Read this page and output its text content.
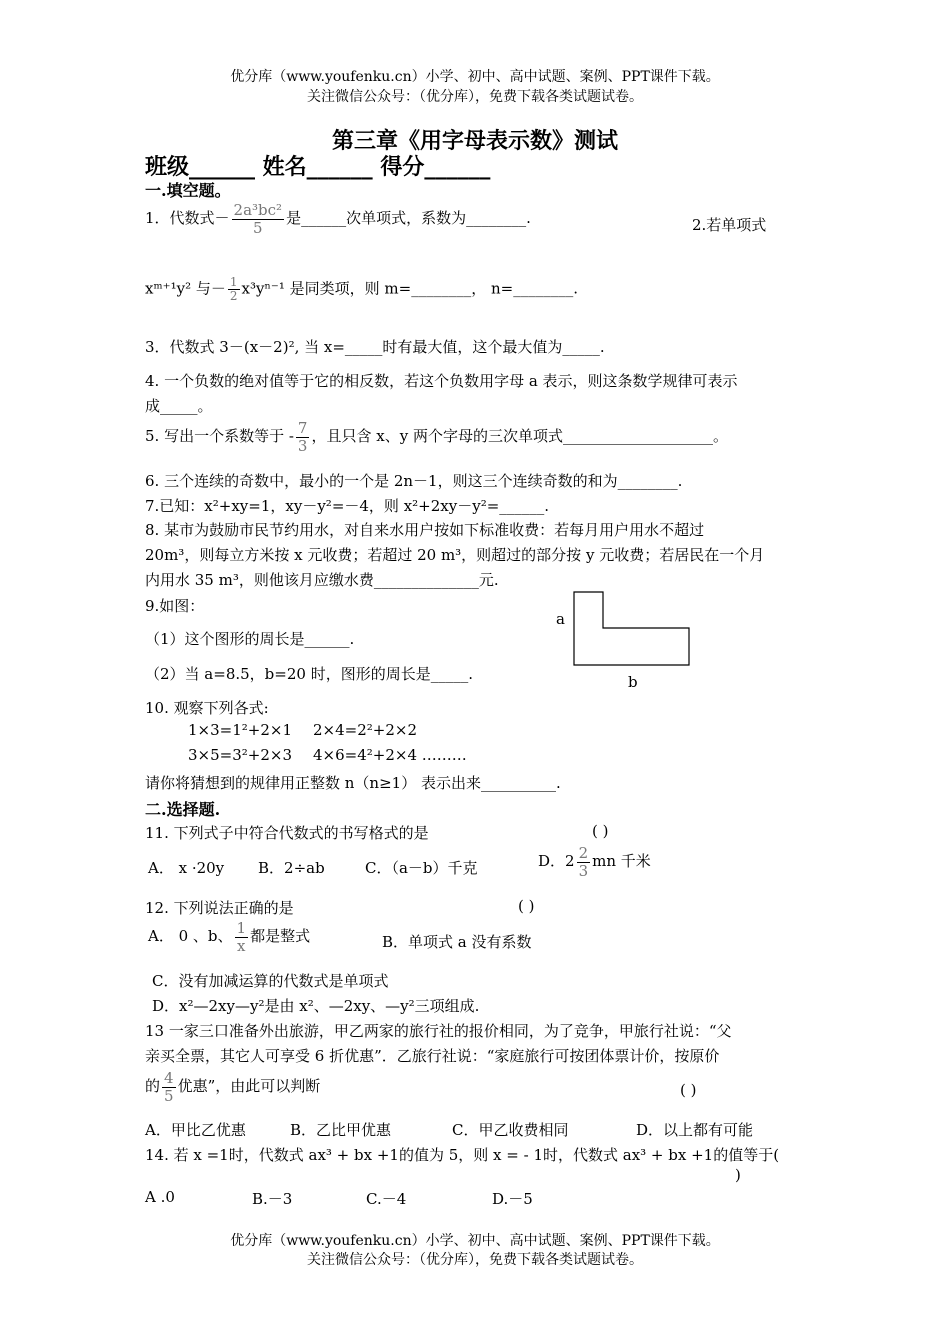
优分库（www.youfenku.cn）小学、初中、高中试题、案例、PPT课件下载。
关注微信公众号：（优分库），免费下载各类试题试卷。
第三章《用字母表示数》测试
班级______ 姓名______ 得分______
一.填空题。
1．代数式－ $\frac{\text{2a³bc²}}{5}$ 是______次单项式，系数为________.	2.若单项式
xᵐ⁺¹y² 与－ $\frac{1}{2} x^3y^{n-1}$ 是同类项，则 m=________， n=________.
3．代数式 3－(x－2)², 当 x=_____时有最大值，这个最大值为_____.
4. 一个负数的绝对值等于它的相反数，若这个负数用字母 a 表示，则这条数学规律可表示
成_____。
5. 写出一个系数等于 - $\frac{7}{3}$ ，且只含 x、y 两个字母的三次单项式____________________。
6. 三个连续的奇数中，最小的一个是 2n－1，则这三个连续奇数的和为________.
7.已知：x²+xy=1，xy－y²=－4，则 x²+2xy－y²=______.
8. 某市为鼓励市民节约用水，对自来水用户按如下标准收费：若每月用户用水不超过
20m³，则每立方米按 x 元收费；若超过 20 m³，则超过的部分按 y 元收费；若居民在一个月
内用水 35 m³，则他该月应缴水费______________元.
9.如图：
（1）这个图形的周长是______.
（2）当 a=8.5，b=20 时，图形的周长是_____.
a
b
10. 观察下列各式:
1×3=1²+2×1 2×4=2²+2×2
3×5=3²+2×3 4×6=4²+2×4 ………
请你将猜想到的规律用正整数 n（n≥1） 表示出来__________.
二.选择题.
11. 下列式子中符合代数式的书写格式的是	( )
A． x ·20y B．2÷ab	C．（a－b）千克	D．$2 \frac{2}{3}$ mn 千米
12. 下列说法正确的是	( )
A． 0 、b、 $\frac{1}{x}$ 都是整式	B．单项式 a 没有系数
C．没有加减运算的代数式是单项式
D．x²—2xy—y²是由 x²、—2xy、—y²三项组成.
13 一家三口准备外出旅游，甲乙两家的旅行社的报价相同，为了竞争，甲旅行社说：“父
亲买全票，其它人可享受 6 折优惠”．乙旅行社说：“家庭旅行可按团体票计价，按原价
的 $\frac{4}{5}$ 优惠”，由此可以判断	( )
A．甲比乙优惠	B．乙比甲优惠	C．甲乙收费相同	D．以上都有可能
14. 若 x =1时，代数式 ax³ + bx +1的值为 5，则 x = - 1时，代数式 ax³ + bx +1的值等于(
)
A .0	B.－3	C.－4	D.－5
优分库（www.youfenku.cn）小学、初中、高中试题、案例、PPT课件下载。
关注微信公众号：（优分库），免费下载各类试题试卷。
